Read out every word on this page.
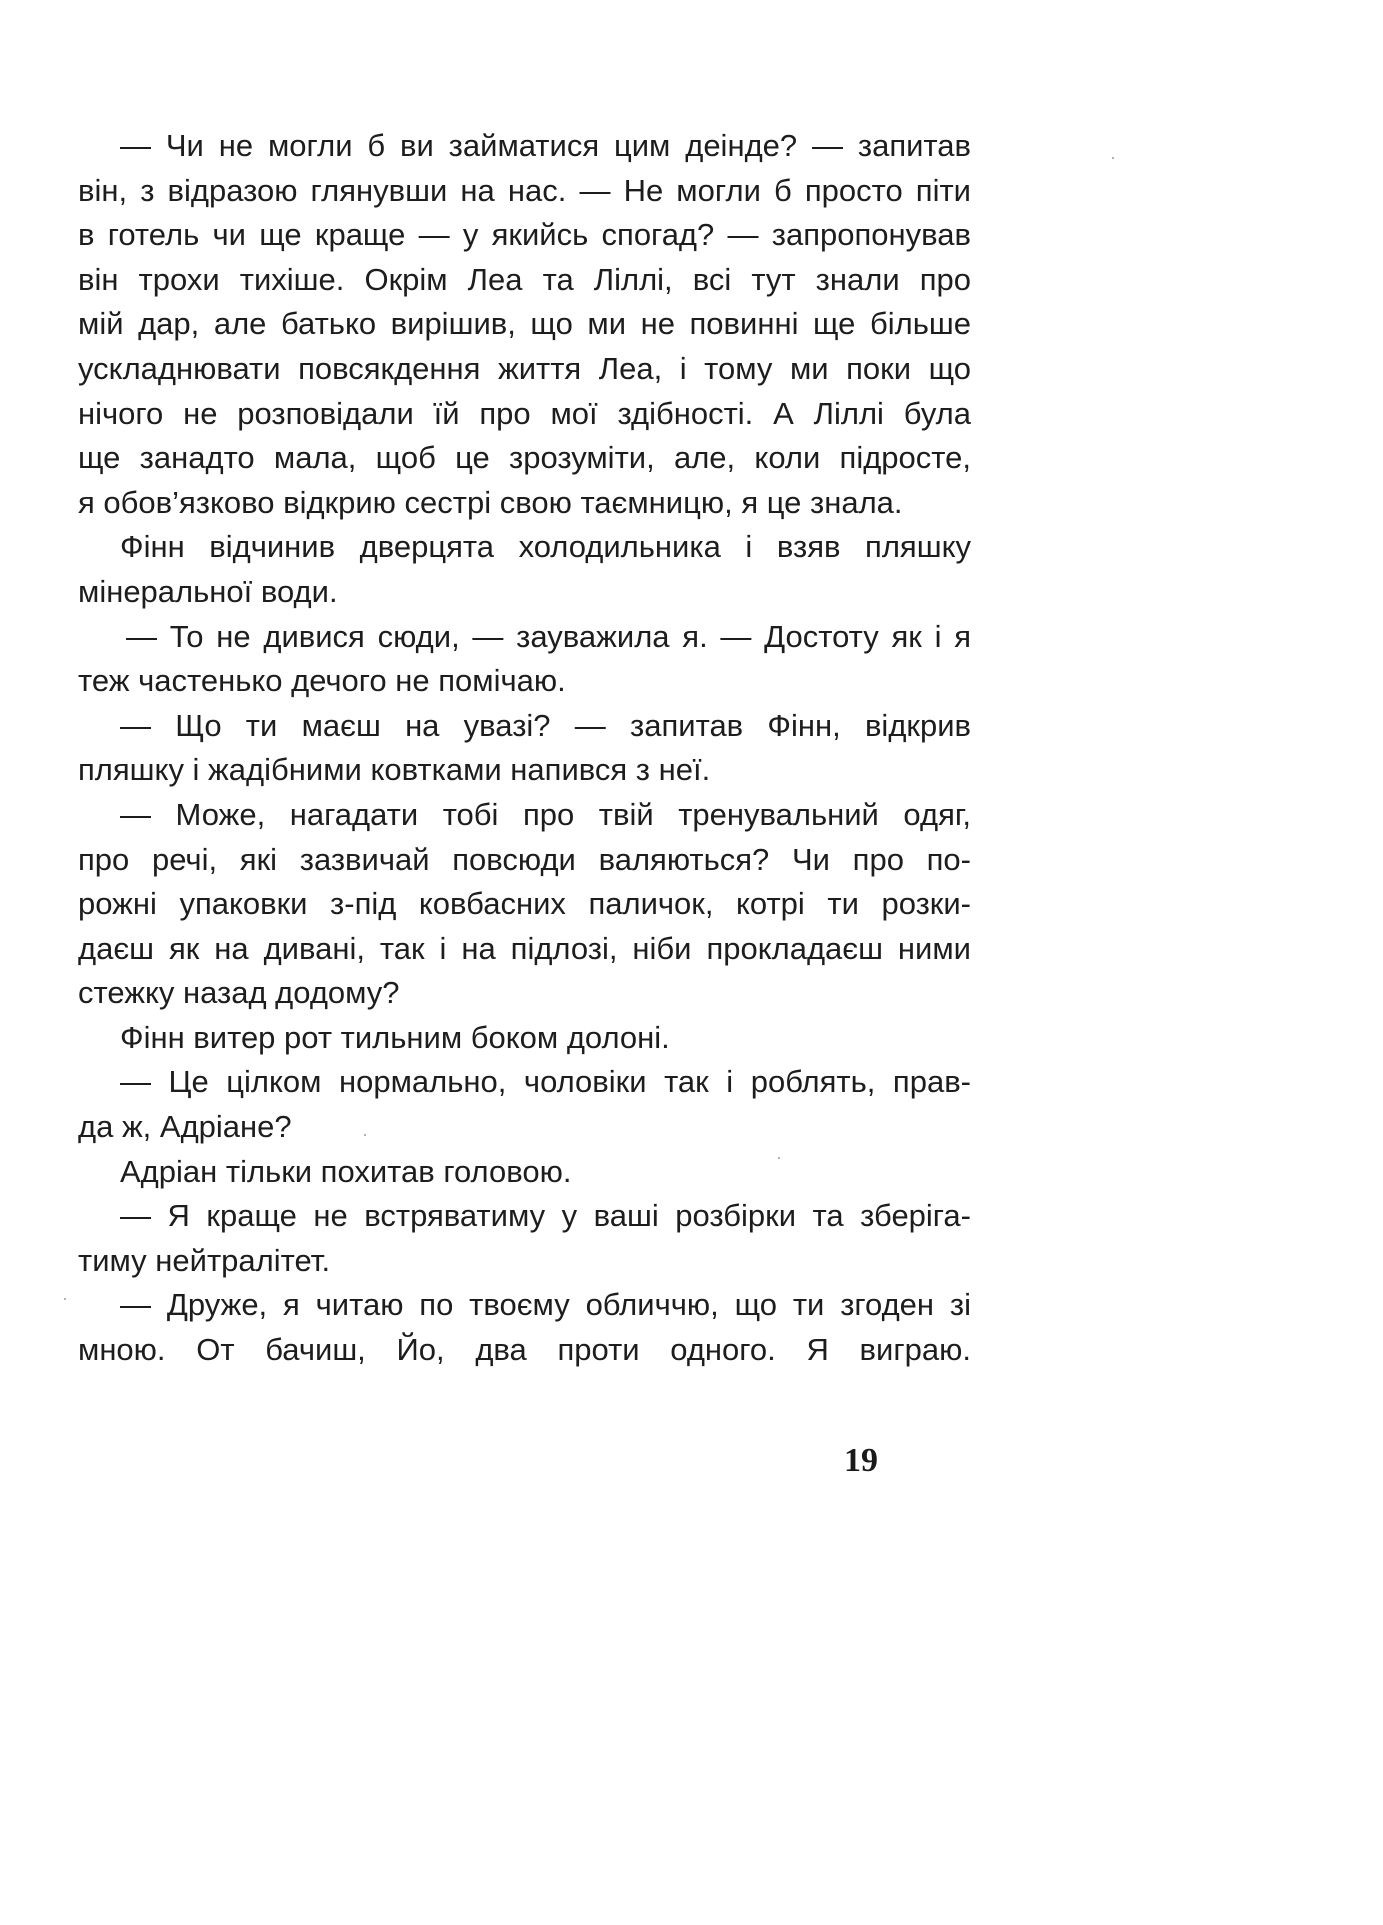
— Чи не могли б ви займатися цим деінде? — запитав
він, з відразою глянувши на нас. — Не могли б просто піти
в готель чи ще краще — у якийсь спогад? — запропонував
він трохи тихіше. Окрім Леа та Ліллі, всі тут знали про
мій дар, але батько вирішив, що ми не повинні ще більше
ускладнювати повсякдення життя Леа, і тому ми поки що
нічого не розповідали їй про мої здібності. А Ліллі була
ще занадто мала, щоб це зрозуміти, але, коли підросте,
я обов’язково відкрию сестрі свою таємницю, я це знала.
Фінн відчинив дверцята холодильника і взяв пляшку
мінеральної води.
— То не дивися сюди, — зауважила я. — Достоту як і я
теж частенько дечого не помічаю.
— Що ти маєш на увазі? — запитав Фінн, відкрив
пляшку і жадібними ковтками напився з неї.
— Може, нагадати тобі про твій тренувальний одяг,
про речі, які зазвичай повсюди валяються? Чи про по-
рожні упаковки з-під ковбасних паличок, котрі ти розки-
даєш як на дивані, так і на підлозі, ніби прокладаєш ними
стежку назад додому?
Фінн витер рот тильним боком долоні.
— Це цілком нормально, чоловіки так і роблять, прав-
да ж, Адріане?
Адріан тільки похитав головою.
— Я краще не встряватиму у ваші розбірки та зберіга-
тиму нейтралітет.
— Друже, я читаю по твоєму обличчю, що ти згоден зі
мною. От бачиш, Йо, два проти одного. Я виграю.
19
